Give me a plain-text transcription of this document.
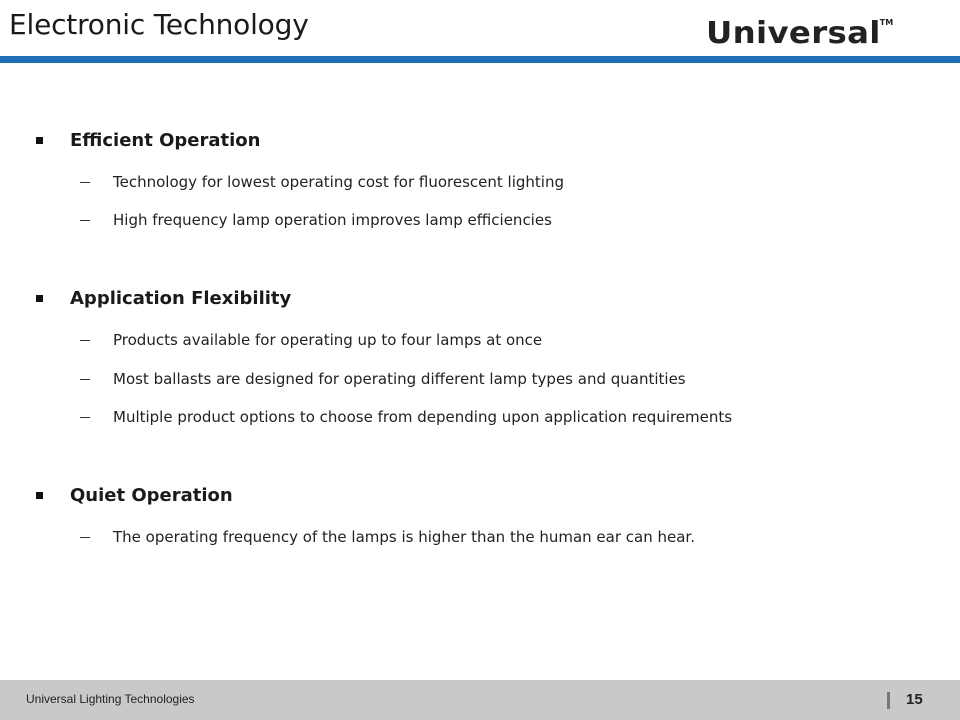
Electronic Technology	Universal TM
Efficient Operation
Technology for lowest operating cost for fluorescent lighting
High frequency lamp operation improves lamp efficiencies
Application Flexibility
Products available for operating up to four lamps at once
Most ballasts are designed for operating different lamp types and quantities
Multiple product options to choose from depending upon application requirements
Quiet Operation
The operating frequency of the lamps is higher than the human ear can hear.
Universal Lighting Technologies	15
